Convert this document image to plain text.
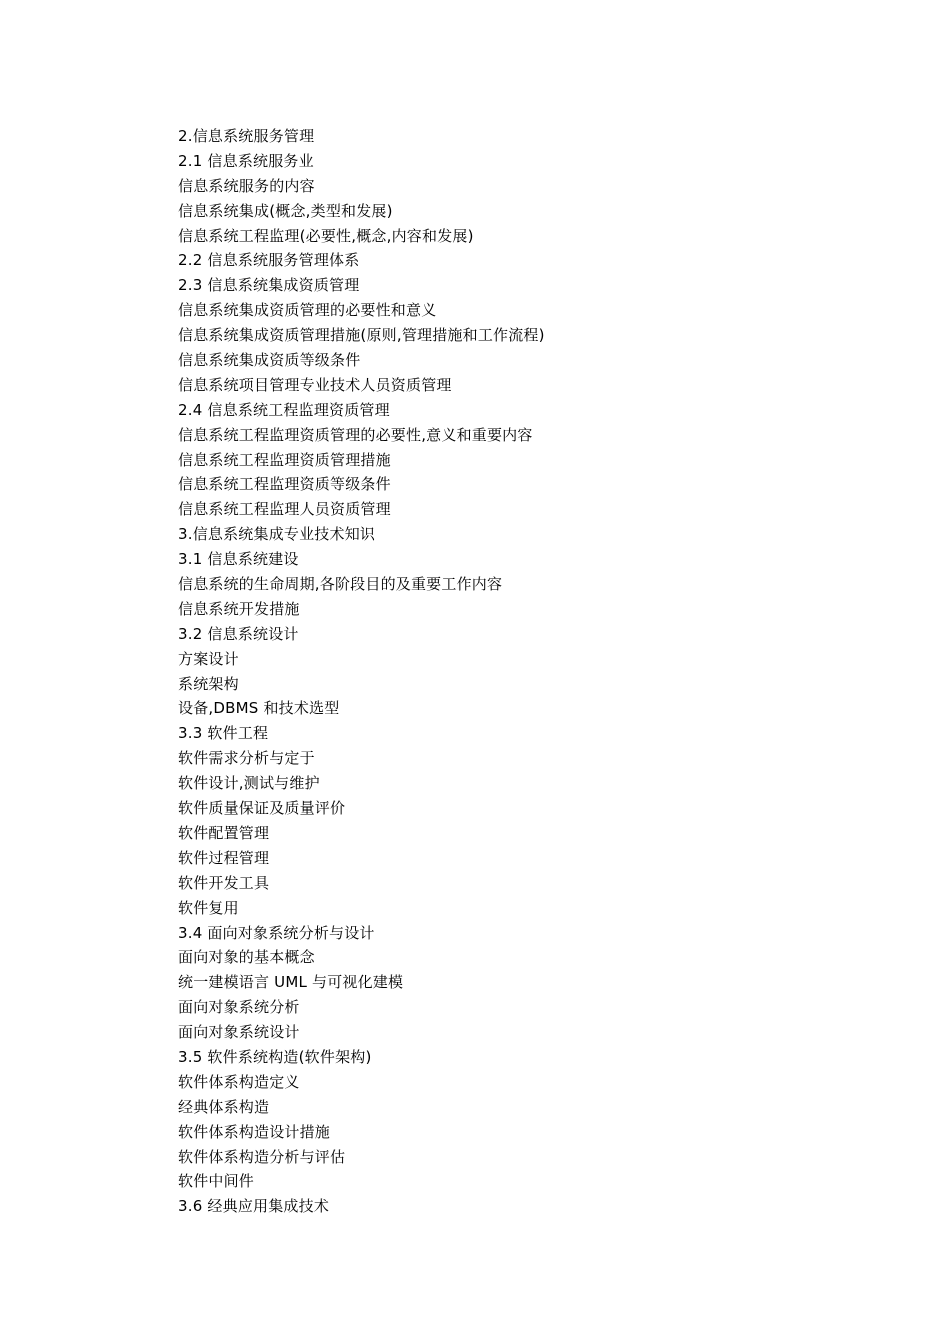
2.信息系统服务管理
2.1 信息系统服务业
信息系统服务的内容
信息系统集成(概念,类型和发展)
信息系统工程监理(必要性,概念,内容和发展)
2.2 信息系统服务管理体系
2.3 信息系统集成资质管理
信息系统集成资质管理的必要性和意义
信息系统集成资质管理措施(原则,管理措施和工作流程)
信息系统集成资质等级条件
信息系统项目管理专业技术人员资质管理
2.4 信息系统工程监理资质管理
信息系统工程监理资质管理的必要性,意义和重要内容
信息系统工程监理资质管理措施
信息系统工程监理资质等级条件
信息系统工程监理人员资质管理
3.信息系统集成专业技术知识
3.1 信息系统建设
信息系统的生命周期,各阶段目的及重要工作内容
信息系统开发措施
3.2 信息系统设计
方案设计
系统架构
设备,DBMS 和技术选型
3.3 软件工程
软件需求分析与定于
软件设计,测试与维护
软件质量保证及质量评价
软件配置管理
软件过程管理
软件开发工具
软件复用
3.4 面向对象系统分析与设计
面向对象的基本概念
统一建模语言 UML 与可视化建模
面向对象系统分析
面向对象系统设计
3.5 软件系统构造(软件架构)
软件体系构造定义
经典体系构造
软件体系构造设计措施
软件体系构造分析与评估
软件中间件
3.6 经典应用集成技术
